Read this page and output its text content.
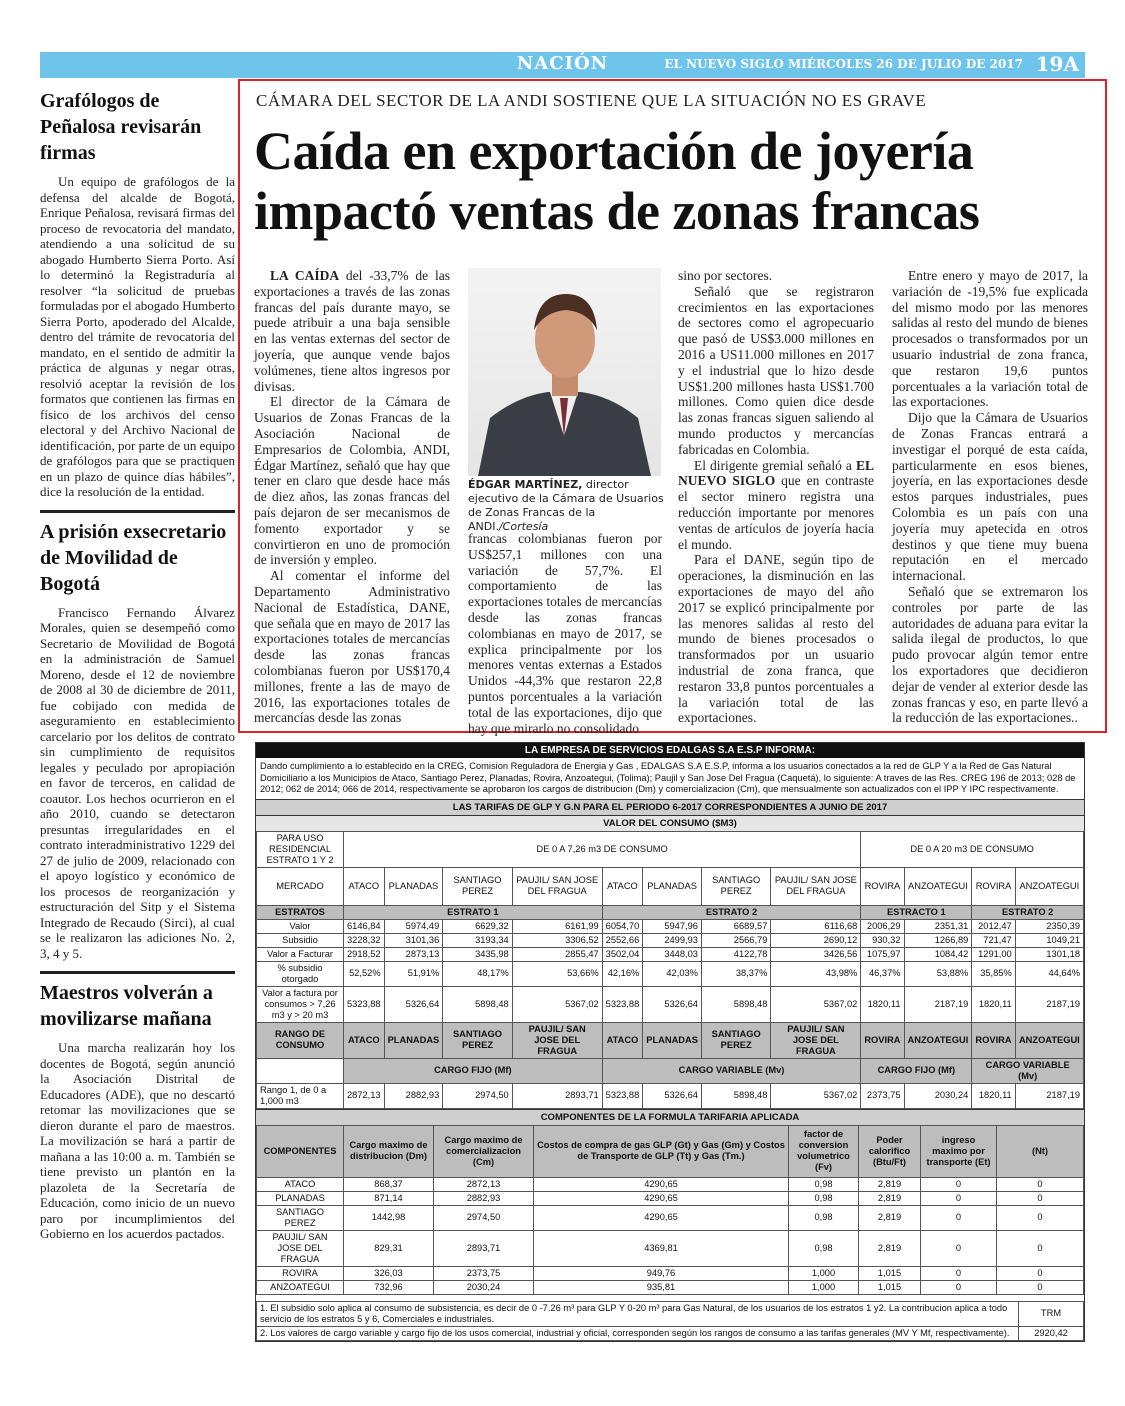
NACIÓN	EL NUEVO SIGLO MIÉRCOLES 26 DE JULIO DE 2017 19A
Grafólogos de Peñalosa revisarán firmas
Un equipo de grafólogos de la defensa del alcalde de Bogotá, Enrique Peñalosa, revisará firmas del proceso de revocatoria del mandato, atendiendo a una solicitud de su abogado Humberto Sierra Porto. Así lo determinó la Registraduría al resolver “la solicitud de pruebas formuladas por el abogado Humberto Sierra Porto, apoderado del Alcalde, dentro del trámite de revocatoria del mandato, en el sentido de admitir la práctica de algunas y negar otras, resolvió aceptar la revisión de los formatos que contienen las firmas en físico de los archivos del censo electoral y del Archivo Nacional de identificación, por parte de un equipo de grafólogos para que se practiquen en un plazo de quince días hábiles”, dice la resolución de la entidad.
A prisión exsecretario de Movilidad de Bogotá
Francisco Fernando Álvarez Morales, quien se desempeñó como Secretario de Movilidad de Bogotá en la administración de Samuel Moreno, desde el 12 de noviembre de 2008 al 30 de diciembre de 2011, fue cobijado con medida de aseguramiento en establecimiento carcelario por los delitos de contrato sin cumplimiento de requisitos legales y peculado por apropiación en favor de terceros, en calidad de coautor. Los hechos ocurrieron en el año 2010, cuando se detectaron presuntas irregularidades en el contrato interadministrativo 1229 del 27 de julio de 2009, relacionado con el apoyo logístico y económico de los procesos de reorganización y estructuración del Sitp y el Sistema Integrado de Recaudo (Sirci), al cual se le realizaron las adiciones No. 2, 3, 4 y 5.
Maestros volverán a movilizarse mañana
Una marcha realizarán hoy los docentes de Bogotá, según anunció la Asociación Distrital de Educadores (ADE), que no descartó retomar las movilizaciones que se dieron durante el paro de maestros. La movilización se hará a partir de mañana a las 10:00 a. m. También se tiene previsto un plantón en la plazoleta de la Secretaría de Educación, como inicio de un nuevo paro por incumplimientos del Gobierno en los acuerdos pactados.
CÁMARA DEL SECTOR DE LA ANDI SOSTIENE QUE LA SITUACIÓN NO ES GRAVE
Caída en exportación de joyería impactó ventas de zonas francas

LA CAÍDA del -33,7% de las exportaciones a través de las zonas francas del país durante mayo, se puede atribuir a una baja sensible en las ventas externas del sector de joyería, que aunque vende bajos volúmenes, tiene altos ingresos por divisas.

El director de la Cámara de Usuarios de Zonas Francas de la Asociación Nacional de Empresarios de Colombia, ANDI, Édgar Martínez, señaló que hay que tener en claro que desde hace más de diez años, las zonas francas del país dejaron de ser mecanismos de fomento exportador y se convirtieron en uno de promoción de inversión y empleo.

Al comentar el informe del Departamento Administrativo Nacional de Estadística, DANE, que señala que en mayo de 2017 las exportaciones totales de mercancías desde las zonas francas colombianas fueron por US$170,4 millones, frente a las de mayo de 2016, las exportaciones totales de mercancías desde las zonas

ÉDGAR MARTÍNEZ, director ejecutivo de la Cámara de Usuarios de Zonas Francas de la ANDI./Cortesía

francas colombianas fueron por US$257,1 millones con una variación de 57,7%. El comportamiento de las exportaciones totales de mercancías desde las zonas francas colombianas en mayo de 2017, se explica principalmente por los menores ventas externas a Estados Unidos -44,3% que restaron 22,8 puntos porcentuales a la variación total de las exportaciones, dijo que hay que mirarlo no consolidado

sino por sectores.

Señaló que se registraron crecimientos en las exportaciones de sectores como el agropecuario que pasó de US$3.000 millones en 2016 a US11.000 millones en 2017 y el industrial que lo hizo desde US$1.200 millones hasta US$1.700 millones. Como quien dice desde las zonas francas siguen saliendo al mundo productos y mercancías fabricadas en Colombia.

El dirigente gremial señaló a EL NUEVO SIGLO que en contraste el sector minero registra una reducción importante por menores ventas de artículos de joyería hacia el mundo.

Para el DANE, según tipo de operaciones, la disminución en las exportaciones de mayo del año 2017 se explicó principalmente por las menores salidas al resto del mundo de bienes procesados o transformados por un usuario industrial de zona franca, que restaron 33,8 puntos porcentuales a la variación total de las exportaciones.

Entre enero y mayo de 2017, la variación de -19,5% fue explicada del mismo modo por las menores salidas al resto del mundo de bienes procesados o transformados por un usuario industrial de zona franca, que restaron 19,6 puntos porcentuales a la variación total de las exportaciones.

Dijo que la Cámara de Usuarios de Zonas Francas entrará a investigar el porqué de esta caída, particularmente en esos bienes, joyería, en las exportaciones desde estos parques industriales, pues Colombia es un país con una joyería muy apetecida en otros destinos y que tiene muy buena reputación en el mercado internacional.

Señaló que se extremaron los controles por parte de las autoridades de aduana para evitar la salida ilegal de productos, lo que pudo provocar algún temor entre los exportadores que decidieron dejar de vender al exterior desde las zonas francas y eso, en parte llevó a la reducción de las exportaciones..

LA EMPRESA DE SERVICIOS EDALGAS S.A E.S.P INFORMA:
Dando cumplimiento a lo establecido en la CREG, Comision Reguladora de Energia y Gas , EDALGAS S.A E.S.P, informa a los usuarios conectados a la red de GLP Y a la Red de Gas Natural Domiciliario a los Municipios de Ataco, Santiago Perez, Planadas, Rovira, Anzoategui, (Tolima); Paujil y San Jose Del Fragua (Caquetá), lo siguiente: A traves de las Res. CREG 196 de 2013; 028 de 2012; 062 de 2014; 066 de 2014, respectivamente se aprobaron los cargos de distribucion (Dm) y comercializacion (Cm), que mensualmente son actualizados con el IPP Y IPC respectivamente.
LAS TARIFAS DE GLP Y G.N PARA EL PERIODO 6-2017 CORRESPONDIENTES A JUNIO DE 2017
VALOR DEL CONSUMO ($M3)
PARA USO RESIDENCIAL ESTRATO 1 Y 2	DE 0 A 7,26 m3 DE CONSUMO								DE 0 A 20 m3 DE CONSUMO			
MERCADO	ATACO	PLANADAS	SANTIAGO PEREZ	PAUJIL/ SAN JOSE DEL FRAGUA	ATACO	PLANADAS	SANTIAGO PEREZ	PAUJIL/ SAN JOSE DEL FRAGUA	ROVIRA	ANZOATEGUI	ROVIRA	ANZOATEGUI
ESTRATOS	ESTRATO 1				ESTRATO 2				ESTRACTO 1		ESTRATO 2	
Valor	6146,84	5974,49	6629,32	6161,99	6054,70	5947,96	6689,57	6116,68	2006,29	2351,31	2012,47	2350,39
Subsidio	3228,32	3101,36	3193,34	3306,52	2552,66	2499,93	2566,79	2690,12	930,32	1266,89	721,47	1049,21
Valor a Facturar	2918,52	2873,13	3435,98	2855,47	3502,04	3448,03	4122,78	3426,56	1075,97	1084,42	1291,00	1301,18
% subsidio otorgado	52,52%	51,91%	48,17%	53,66%	42,16%	42,03%	38,37%	43,98%	46,37%	53,88%	35,85%	44,64%
Valor a factura por consumos > 7,26 m3 y > 20 m3	5323,88	5326,64	5898,48	5367,02	5323,88	5326,64	5898,48	5367,02	1820,11	2187,19	1820,11	2187,19
RANGO DE CONSUMO	ATACO	PLANADAS	SANTIAGO PEREZ	PAUJIL/ SAN JOSE DEL FRAGUA	ATACO	PLANADAS	SANTIAGO PEREZ	PAUJIL/ SAN JOSE DEL FRAGUA	ROVIRA	ANZOATEGUI	ROVIRA	ANZOATEGUI
	CARGO FIJO (Mf)				CARGO VARIABLE (Mv)				CARGO FIJO (Mf)		CARGO VARIABLE (Mv)	
Rango 1, de 0 a 1,000 m3	2872,13	2882,93	2974,50	2893,71	5323,88	5326,64	5898,48	5367,02	2373,75	2030,24	1820,11	2187,19
COMPONENTES DE LA FORMULA TARIFARIA APLICADA
COMPONENTES	Cargo maximo de distribucion (Dm)	Cargo maximo de comercializacion (Cm)	Costos de compra de gas GLP (Gt) y Gas (Gm) y Costos de Transporte de GLP (Tt) y Gas (Tm.)	factor de conversion volumetrico (Fv)	Poder calorifico (Btu/Ft)	ingreso maximo por transporte (Et)	(Nt)
ATACO	868,37	2872,13	4290,65	0,98	2,819	0	0
PLANADAS	871,14	2882,93	4290,65	0,98	2,819	0	0
SANTIAGO PEREZ	1442,98	2974,50	4290,65	0,98	2,819	0	0
PAUJIL/ SAN JOSE DEL FRAGUA	829,31	2893,71	4369,81	0,98	2,819	0	0
ROVIRA	326,03	2373,75	949,76	1,000	1,015	0	0
ANZOATEGUI	732,96	2030,24	935,81	1,000	1,015	0	0
1. El subsidio solo aplica al consumo de subsistencia, es decir de 0 -7.26 m³ para GLP Y 0-20 m³ para Gas Natural, de los usuarios de los estratos 1 y2. La contribucion aplica a todo servicio de los estratos 5 y 6, Comerciales e industriales.	TRM
2. Los valores de cargo variable y cargo fijo de los usos comercial, industrial y oficial, corresponden según los rangos de consumo a las tarifas generales (MV Y Mf, respectivamente).	2920,42
